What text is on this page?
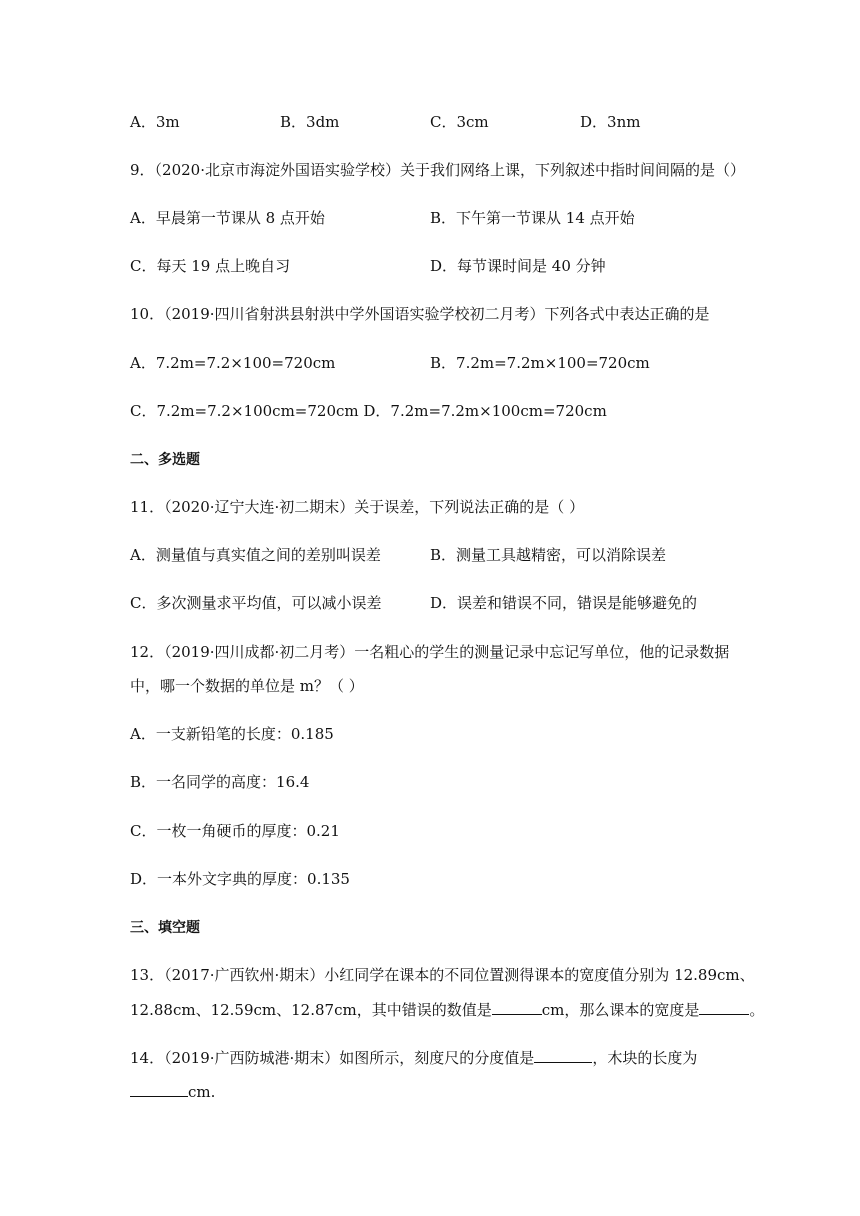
A．3m	B．3dm	C．3cm	D．3nm
9．（2020·北京市海淀外国语实验学校）关于我们网络上课，下列叙述中指时间间隔的是（）
A．早晨第一节课从 8 点开始	B．下午第一节课从 14 点开始
C．每天 19 点上晚自习	D．每节课时间是 40 分钟
10．（2019·四川省射洪县射洪中学外国语实验学校初二月考）下列各式中表达正确的是
A．7.2m=7.2×100=720cm	B．7.2m=7.2m×100=720cm
C．7.2m=7.2×100cm=720cm D．7.2m=7.2m×100cm=720cm
二、多选题
11．（2020·辽宁大连·初二期末）关于误差，下列说法正确的是（ ）
A．测量值与真实值之间的差别叫误差	B．测量工具越精密，可以消除误差
C．多次测量求平均值，可以减小误差	D．误差和错误不同，错误是能够避免的
12．（2019·四川成都·初二月考）一名粗心的学生的测量记录中忘记写单位，他的记录数据
中，哪一个数据的单位是 m？（ ）
A．一支新铅笔的长度：0.185
B．一名同学的高度：16.4
C．一枚一角硬币的厚度：0.21
D．一本外文字典的厚度：0.135
三、填空题
13．（2017·广西钦州·期末）小红同学在课本的不同位置测得课本的宽度值分别为 12.89cm、
12.88cm、12.59cm、12.87cm，其中错误的数值是	cm，那么课本的宽度是	。
14．（2019·广西防城港·期末）如图所示，刻度尺的分度值是	，木块的长度为
cm.
